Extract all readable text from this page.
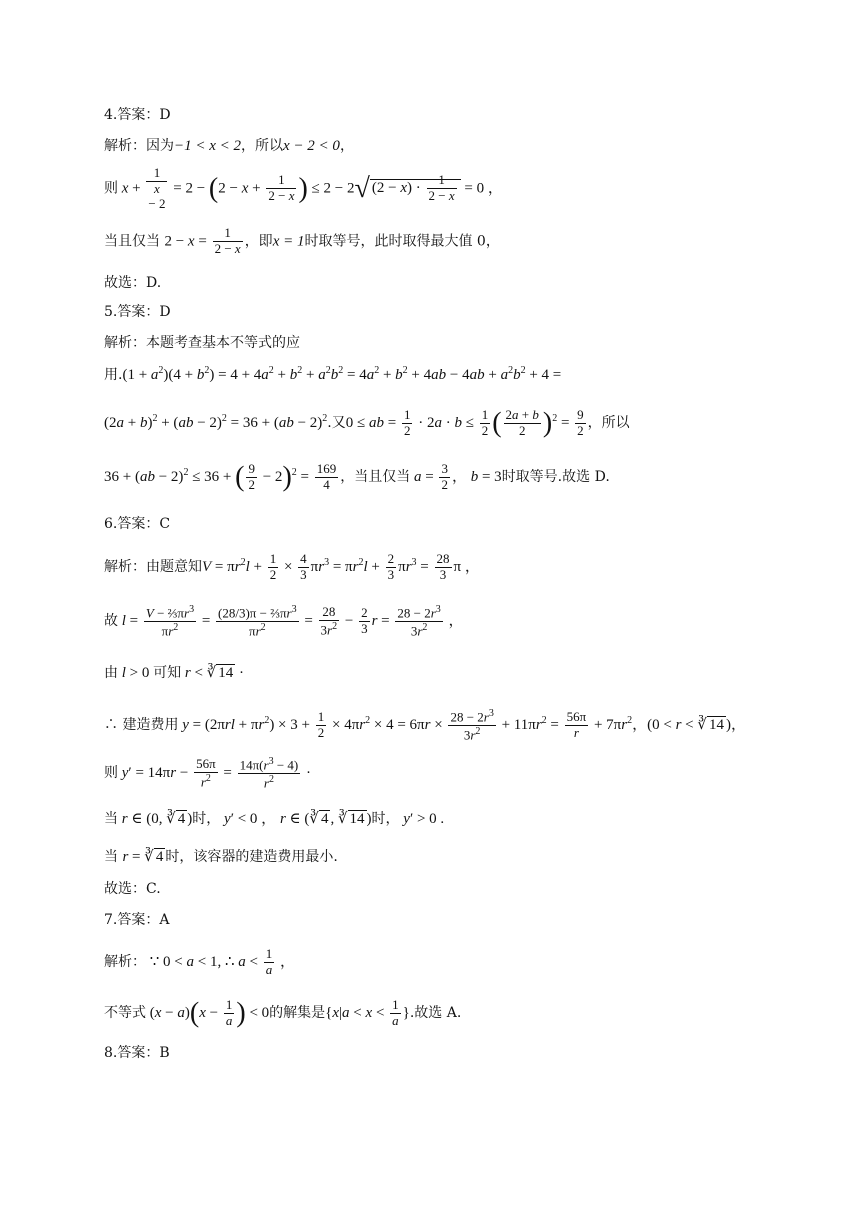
4.答案：D
解析：因为−1 < x < 2，所以x − 2 < 0，
则 x +
1
x
− 2
= $2 - (2 - x + \frac{1}{2 - x}$ ) ≤ 2 − 2√ $(2 - x) \cdot \frac{1}{2 - x} = 0$ ，
当且仅当 $2 - x = \frac{1}{2 - x}$ ，即x = 1时取等号，此时取得最大值 0，
故选：D.
5.答案：D
解析：本题考查基本不等式的应
用$.(1 + a^2)(4 + b^2) = 4 + 4a^2 + b^2 + a^2b^2 = 4a^2 + b^2 + 4ab - 4ab + a^2b^2 + 4$ =
$(2a + b)^2 + (ab - 2)^2 = 36 + (ab - 2)^2$.又0 ≤ ab = $\frac{1}{2} \cdot 2a \cdot b \le \frac{1}{2}$ ( $\frac{2a + b}{2} )^2 = \frac{9}{2}$ ，所以
36 + (ab − 2)$^2$ ≤ 36 + ( $\frac{9}{2} - 2)^2 = \frac{169}{4}$ ，当且仅当 $a = \frac{3}{2}$ ， b = 3时取等号.故选 D.
6.答案：C
解析：由题意知$V = \pi r^2l + \frac{1}{2} \times \frac{4}{3} \pi r^3 = \pi r^2l + \frac{2}{3} \pi r^3 = \frac{28}{3}$ π ，
故 $l = \frac{V - \frac{2}{3}\pi r^3}{\pi r^2} = \frac{(28/3)\pi - \frac{2}{3}\pi r^3}{\pi r^2} = \frac{28}{3r^2} - \frac{2}{3}$ $r = \frac{28 - 2r^3}{3r^2}$ ，
由 l > 0 可知 r < ∛ 14 ·
∴ 建造费用 $y = (2\pi rl + \pi r^2) \times 3 + \frac{1}{2} \times 4\pi r^2 \times 4 = 6\pi r \times \frac{28 - 2r^3}{3r^2} + 11\pi r^2 = \frac{56\pi}{r} + 7\pi r^2$，(0 < r < ∛ 14 )，
则 $y' = 14\pi r - \frac{56\pi}{r^2} = \frac{14\pi(r^3 - 4)}{r^2}$ ·
当 r ∈ (0, ∛ 4 )时， y′ < 0 ， r ∈ (∛ 4 , ∛ 14 )时， y′ > 0 .
当 r = ∛ 4 时，该容器的建造费用最小.
故选：C.
7.答案：A
解析： ∵ 0 < a < 1, ∴ $a < \frac{1}{a}$ ，
不等式 $(x - a)(x - \frac{1}{a}$ ) < 0的解集是{$x|a < x < \frac{1}{a}$ }.故选 A.
8.答案：B
